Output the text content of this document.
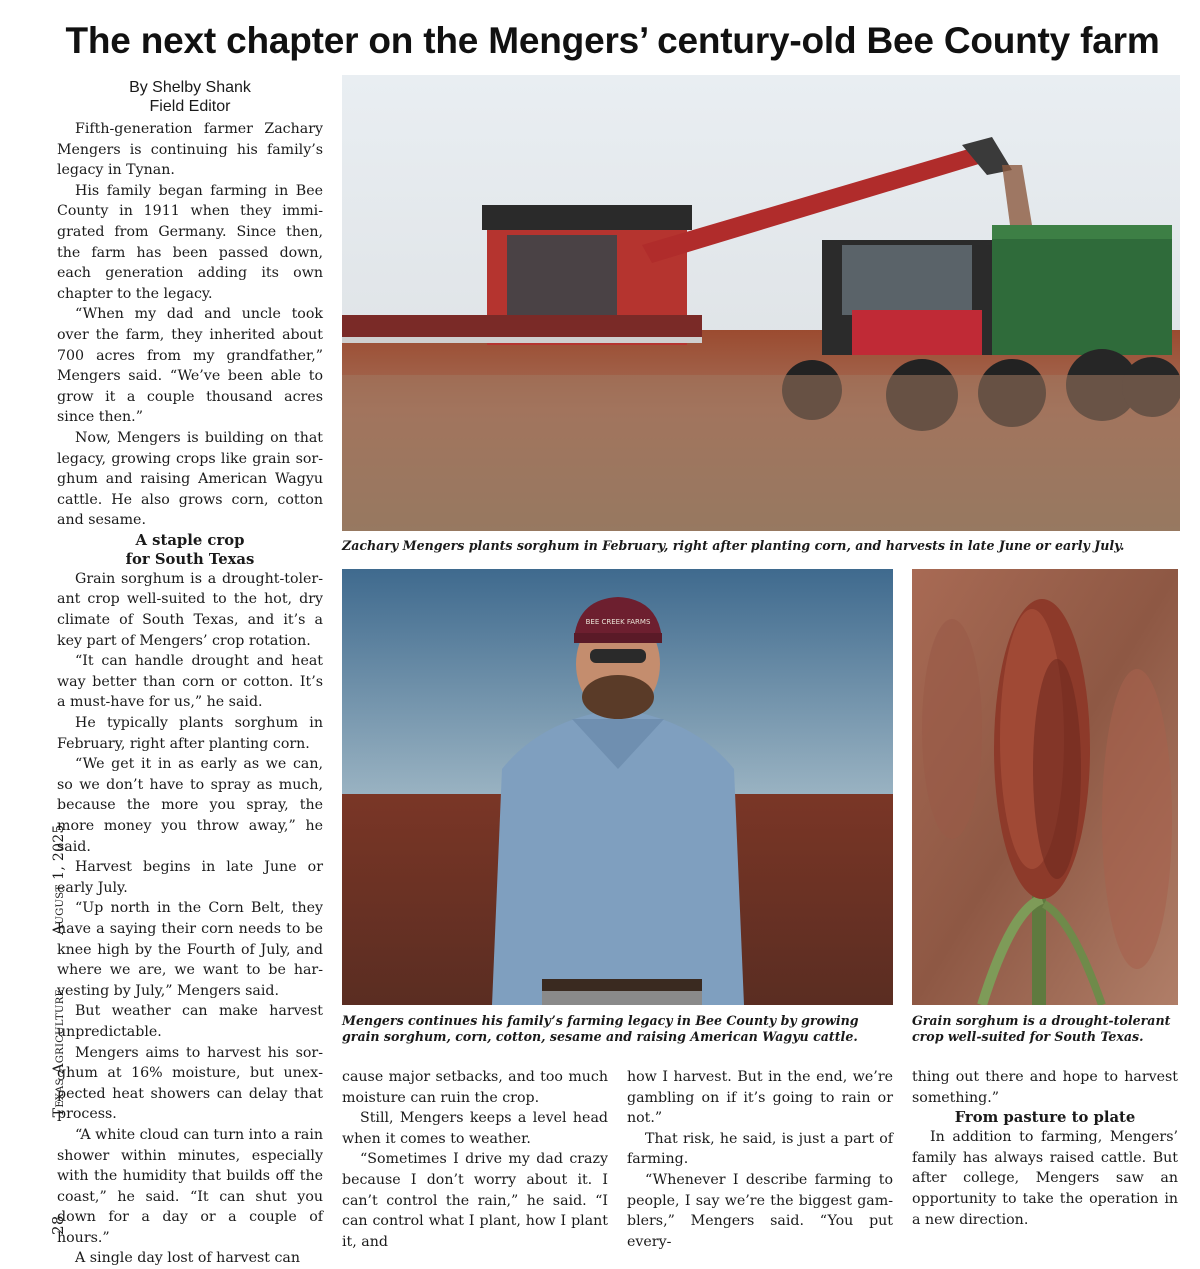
The next chapter on the Mengers’ century-old Bee County farm
By Shelby Shank
Field Editor

Fifth-generation farmer Zachary Mengers is continuing his family’s legacy in Tynan.

His family began farming in Bee County in 1911 when they immigrated from Germany. Since then, the farm has been passed down, each generation adding its own chapter to the legacy.

“When my dad and uncle took over the farm, they inherited about 700 acres from my grandfather,” Mengers said. “We’ve been able to grow it a couple thousand acres since then.”

Now, Mengers is building on that legacy, growing crops like grain sorghum and raising American Wagyu cattle. He also grows corn, cotton and sesame.

A staple crop
for South Texas

Grain sorghum is a drought-tolerant crop well-suited to the hot, dry climate of South Texas, and it’s a key part of Mengers’ crop rotation.

“It can handle drought and heat way better than corn or cotton. It’s a must-have for us,” he said.

He typically plants sorghum in February, right after planting corn.

“We get it in as early as we can, so we don’t have to spray as much, because the more you spray, the more money you throw away,” he said.

Harvest begins in late June or early July.

“Up north in the Corn Belt, they have a saying their corn needs to be knee high by the Fourth of July, and where we are, we want to be harvesting by July,” Mengers said.

But weather can make harvest unpredictable.

Mengers aims to harvest his sorghum at 16% moisture, but unexpected heat showers can delay that process.

“A white cloud can turn into a rain shower within minutes, especially with the humidity that builds off the coast,” he said. “It can shut you down for a day or a couple of hours.”

A single day lost of harvest can

28Texas AgricultureAugust 1, 2025
Zachary Mengers plants sorghum in February, right after planting corn, and harvests in late June or early July.
BEE CREEK FARMS
Mengers continues his family’s farming legacy in Bee County by growing grain sorghum, corn, cotton, sesame and raising American Wagyu cattle.
Grain sorghum is a drought-tolerant crop well-suited for South Texas.

cause major setbacks, and too much moisture can ruin the crop.

Still, Mengers keeps a level head when it comes to weather.

“Sometimes I drive my dad crazy because I don’t worry about it. I can’t control the rain,” he said. “I can control what I plant, how I plant it, and

how I harvest. But in the end, we’re gambling on if it’s going to rain or not.”

That risk, he said, is just a part of farming.

“Whenever I describe farming to people, I say we’re the biggest gamblers,” Mengers said. “You put every-

thing out there and hope to harvest something.”

From pasture to plate

In addition to farming, Mengers’ family has always raised cattle. But after college, Mengers saw an opportunity to take the operation in a new direction.
